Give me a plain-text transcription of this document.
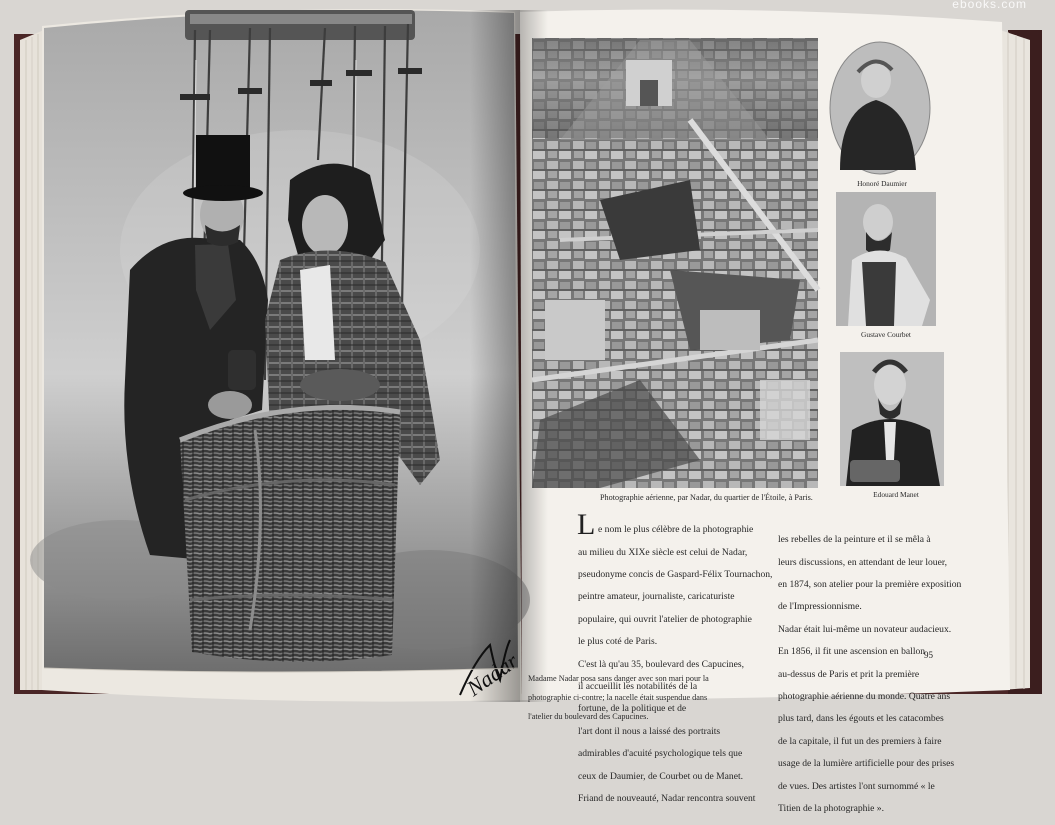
ebooks.com

Madame Nadar posa sans danger avec son mari pour la

photographie ci-contre; la nacelle était suspendue dans

l'atelier du boulevard des Capucines.

Photographie aérienne, par Nadar, du quartier de l'Étoile, à Paris.
Honoré Daumier
Gustave Courbet
Edouard Manet
L e nom le plus célèbre de la photographie

au milieu du XIXe siècle est celui de Nadar,

pseudonyme concis de Gaspard-Félix Tournachon,

peintre amateur, journaliste, caricaturiste

populaire, qui ouvrit l'atelier de photographie

le plus coté de Paris.

C'est là qu'au 35, boulevard des Capucines,

il accueillit les notabilités de la

fortune, de la politique et de

l'art dont il nous a laissé des portraits

admirables d'acuité psychologique tels que

ceux de Daumier, de Courbet ou de Manet.

Friand de nouveauté, Nadar rencontra souvent

les rebelles de la peinture et il se mêla à

leurs discussions, en attendant de leur louer,

en 1874, son atelier pour la première exposition

de l'Impressionnisme.

Nadar était lui-même un novateur audacieux.

En 1856, il fit une ascension en ballon

au-dessus de Paris et prit la première

photographie aérienne du monde. Quatre ans

plus tard, dans les égouts et les catacombes

de la capitale, il fut un des premiers à faire

usage de la lumière artificielle pour des prises

de vues. Des artistes l'ont surnommé « le

Titien de la photographie ».

95
